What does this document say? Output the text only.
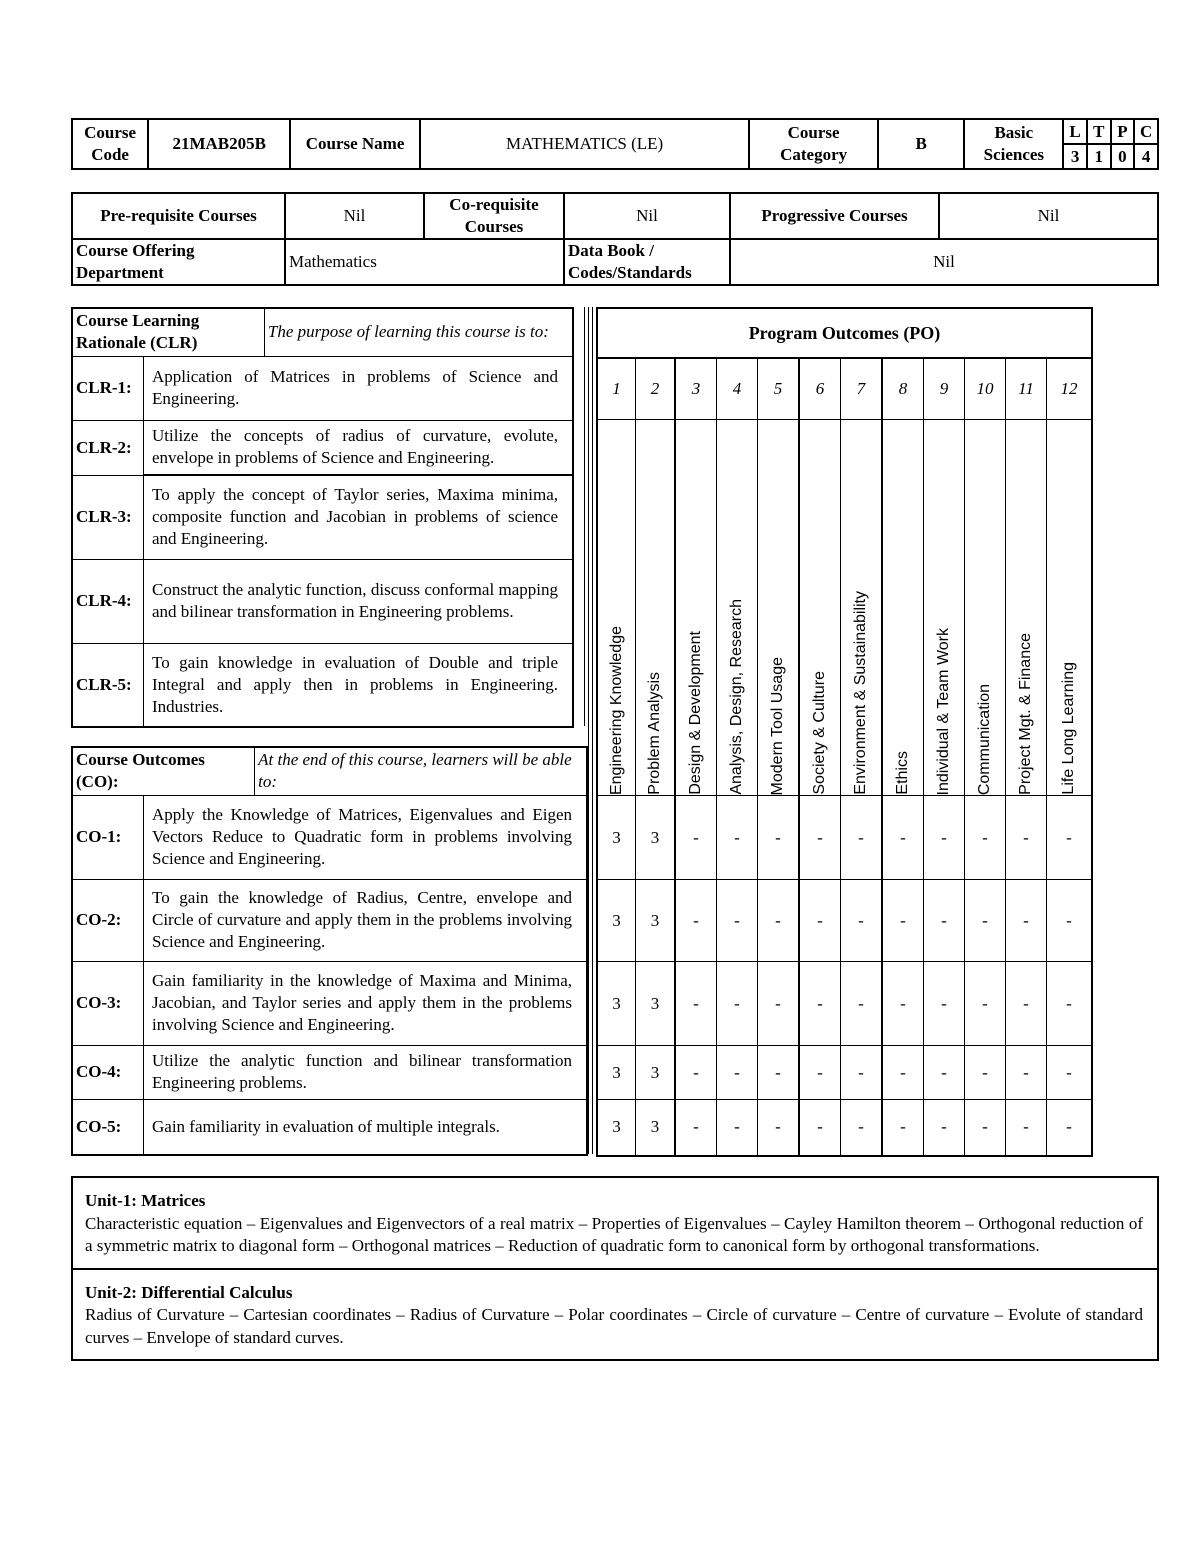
Course Code	21MAB205B	Course Name	MATHEMATICS (LE)	Course Category	B	Basic Sciences	L	T	P	C
							3	1	0	4
Pre-requisite Courses	Nil	Co-requisite Courses	Nil	Progressive Courses	Nil
Course Offering Department	Mathematics		Data Book / Codes/Standards	Nil	
Course Learning Rationale (CLR)		The purpose of learning this course is to:
CLR-1:	Application of Matrices in problems of Science and Engineering.	
CLR-2:	Utilize the concepts of radius of curvature, evolute, envelope in problems of Science and Engineering.	
CLR-3:	To apply the concept of Taylor series, Maxima minima, composite function and Jacobian in problems of science and Engineering.	
CLR-4:	Construct the analytic function, discuss conformal mapping and bilinear transformation in Engineering problems.	
CLR-5:	To gain knowledge in evaluation of Double and triple Integral and apply then in problems in Engineering. Industries.	
Course Outcomes (CO):		At the end of this course, learners will be able to:
CO-1:	Apply the Knowledge of Matrices, Eigenvalues and Eigen Vectors Reduce to Quadratic form in problems involving Science and Engineering.	
CO-2:	To gain the knowledge of Radius, Centre, envelope and Circle of curvature and apply them in the problems involving Science and Engineering.	
CO-3:	Gain familiarity in the knowledge of Maxima and Minima, Jacobian, and Taylor series and apply them in the problems involving Science and Engineering.	
CO-4:	Utilize the analytic function and bilinear transformation Engineering problems.	
CO-5:	Gain familiarity in evaluation of multiple integrals.	
Program Outcomes (PO)											
1	2	3	4	5	6	7	8	9	10	11	12

Engineering Knowledge	Problem Analysis	Design & Development	Analysis, Design, Research	Modern Tool Usage	Society & Culture	Environment & Sustainability	Ethics	Individual & Team Work	Communication	Project Mgt. & Finance	Life Long Learning

3	3	-	-	-	-	-	-	-	-	-	-
3	3	-	-	-	-	-	-	-	-	-	-
3	3	-	-	-	-	-	-	-	-	-	-
3	3	-	-	-	-	-	-	-	-	-	-
3	3	-	-	-	-	-	-	-	-	-	-
Unit-1: Matrices
Characteristic equation – Eigenvalues and Eigenvectors of a real matrix – Properties of Eigenvalues – Cayley Hamilton theorem – Orthogonal reduction of a symmetric matrix to diagonal form – Orthogonal matrices – Reduction of quadratic form to canonical form by orthogonal transformations.
Unit-2: Differential Calculus
Radius of Curvature – Cartesian coordinates – Radius of Curvature – Polar coordinates – Circle of curvature – Centre of curvature – Evolute of standard curves – Envelope of standard curves.
